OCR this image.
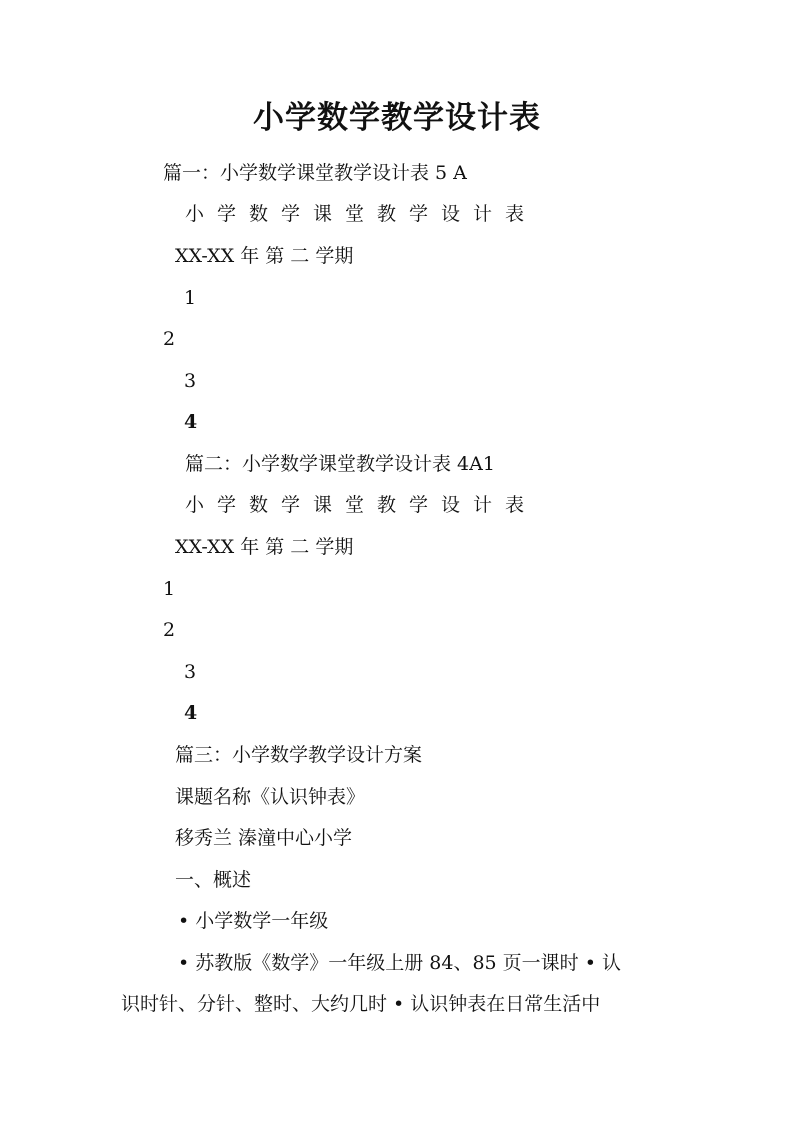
小学数学教学设计表
篇一：小学数学课堂教学设计表 5 A
小学数学课堂教学设计表
XX-XX 年 第 二 学期
1
2
3
4
篇二：小学数学课堂教学设计表 4A1
小学数学课堂教学设计表
XX-XX 年 第 二 学期
1
2
3
4
篇三：小学数学教学设计方案
课题名称《认识钟表》
移秀兰 溱潼中心小学
一、概述
• 小学数学一年级
• 苏教版《数学》一年级上册 84、85 页一课时 • 认
识时针、分针、整时、大约几时 • 认识钟表在日常生活中
